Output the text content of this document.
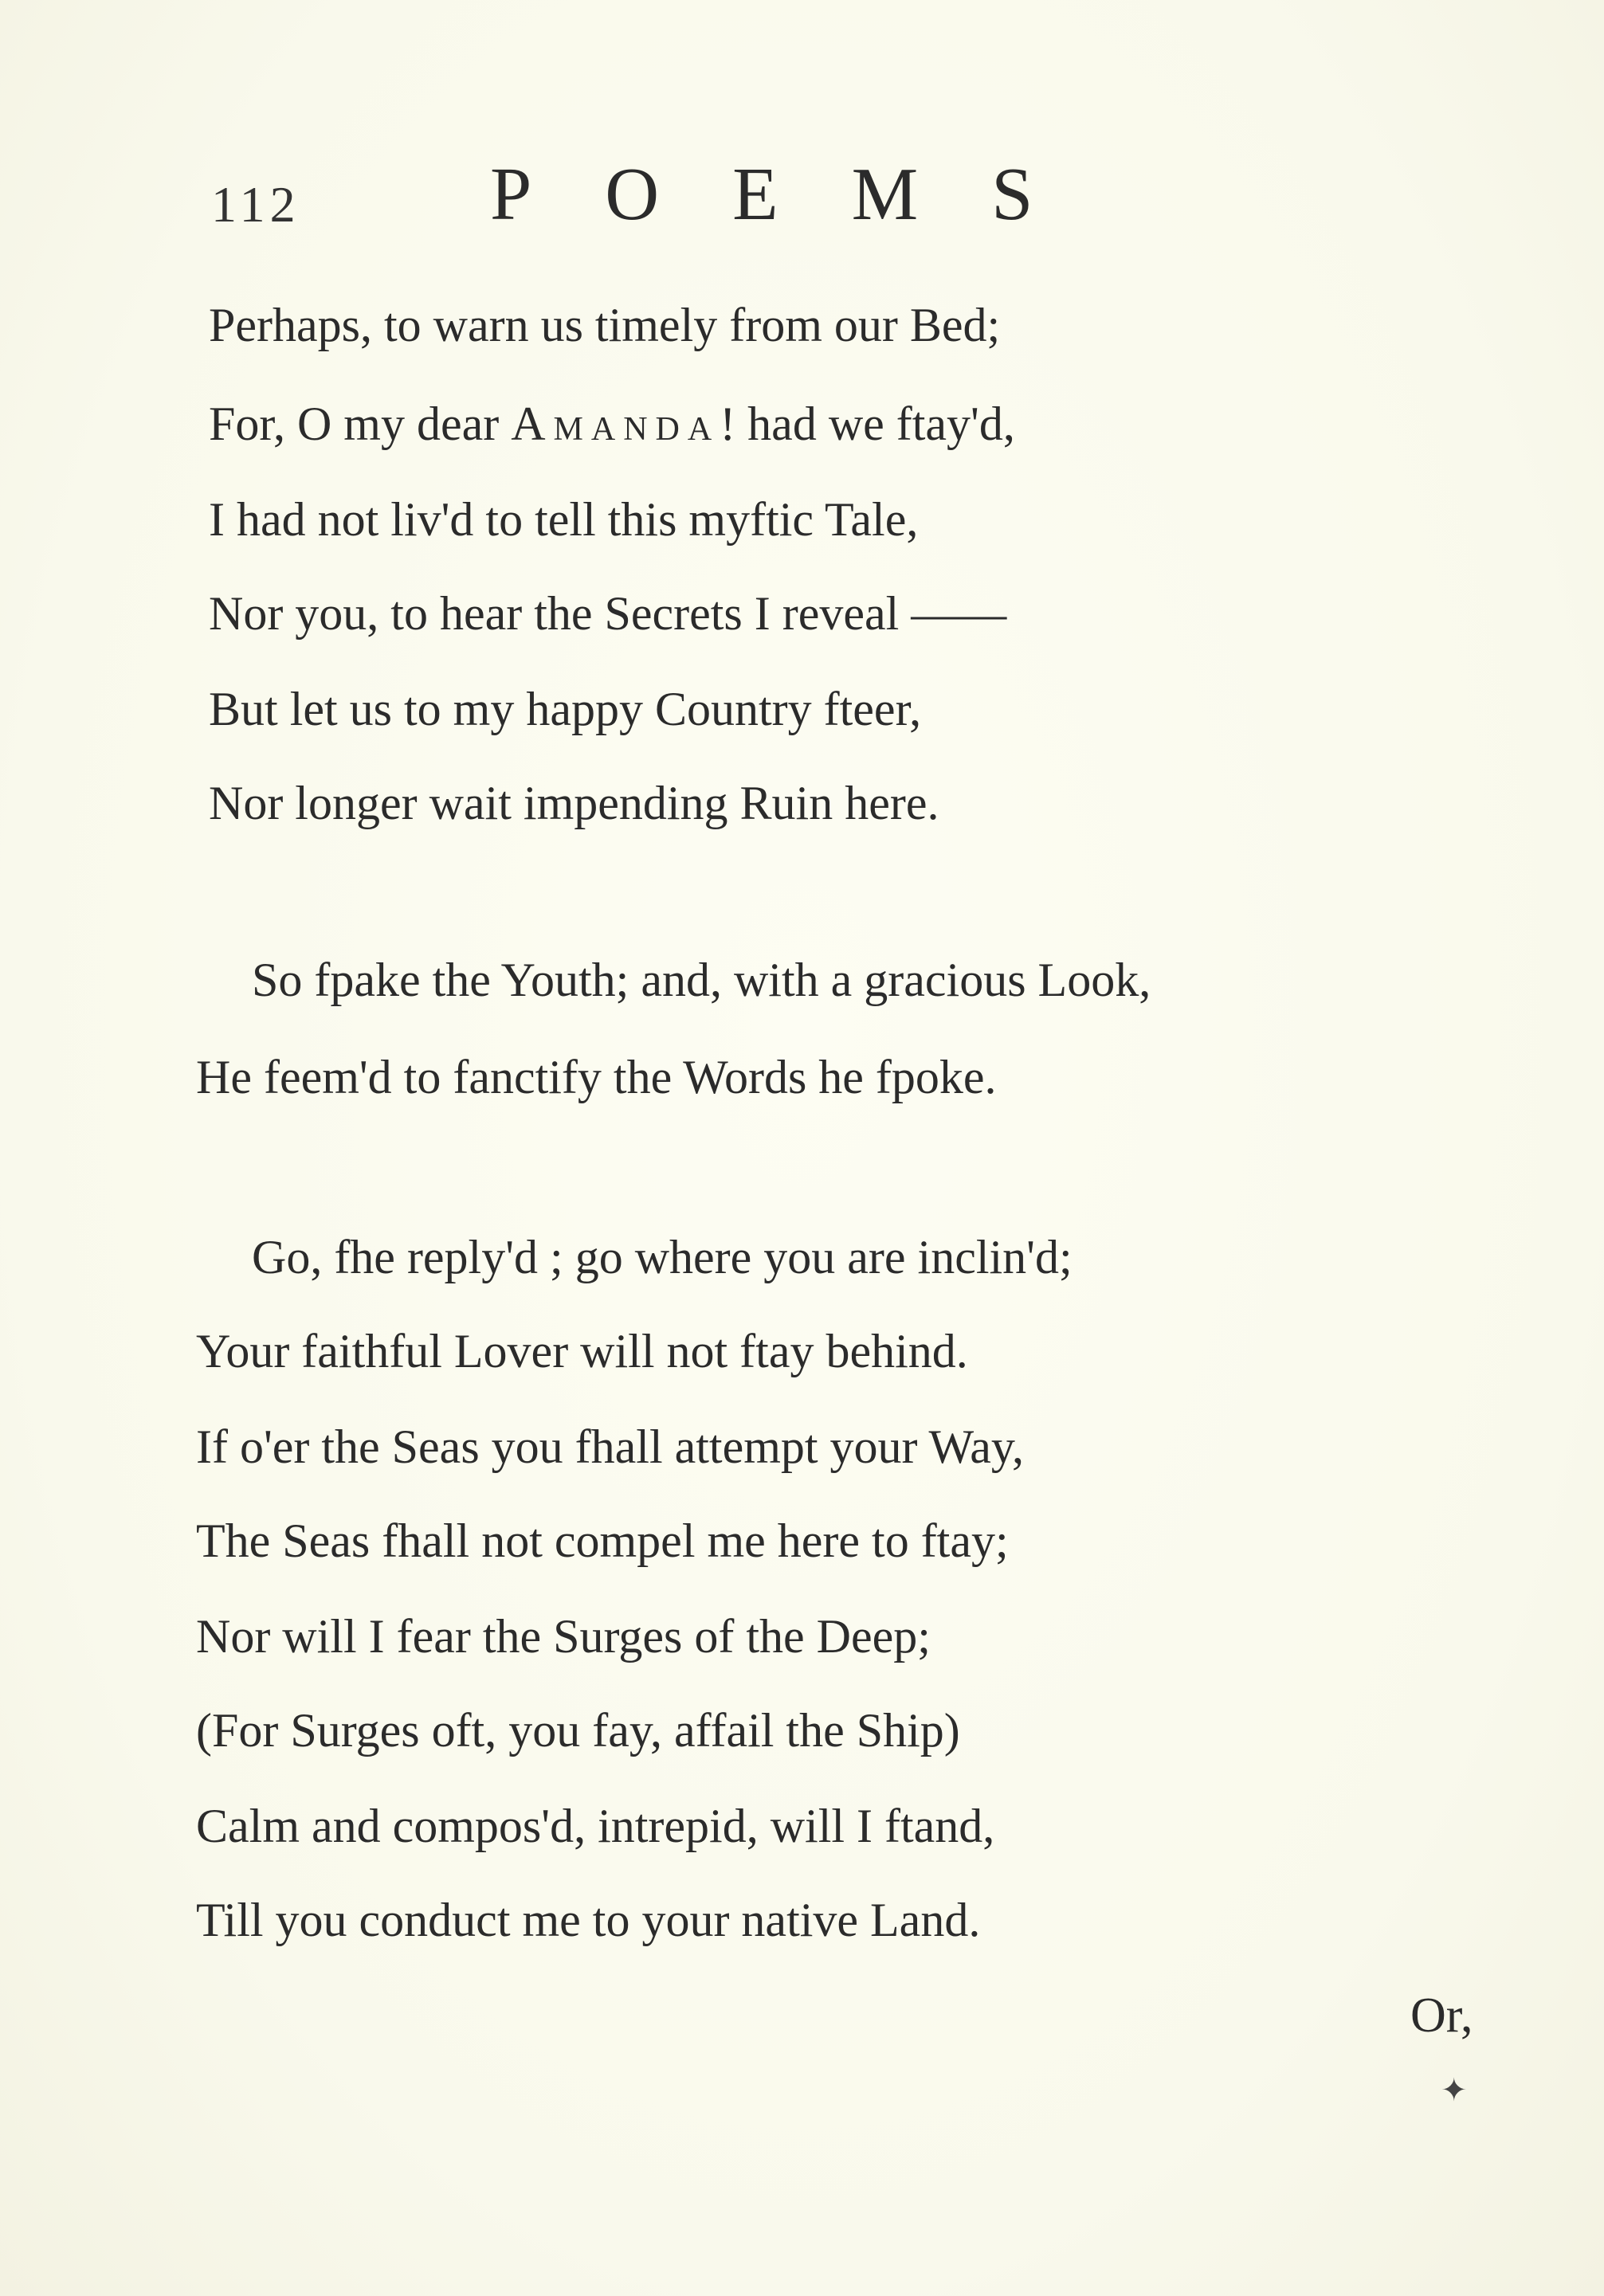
112	POEMS
Perhaps, to warn us timely from our Bed;
For, O my dear Amanda! had we ftay'd,
I had not liv'd to tell this myftic Tale,
Nor you, to hear the Secrets I reveal ——
But let us to my happy Country fteer,
Nor longer wait impending Ruin here.
So fpake the Youth; and, with a gracious Look,
He feem'd to fanctify the Words he fpoke.
Go, fhe reply'd ; go where you are inclin'd;
Your faithful Lover will not ftay behind.
If o'er the Seas you fhall attempt your Way,
The Seas fhall not compel me here to ftay;
Nor will I fear the Surges of the Deep;
(For Surges oft, you fay, affail the Ship)
Calm and compos'd, intrepid, will I ftand,
Till you conduct me to your native Land.
Or,
✦
